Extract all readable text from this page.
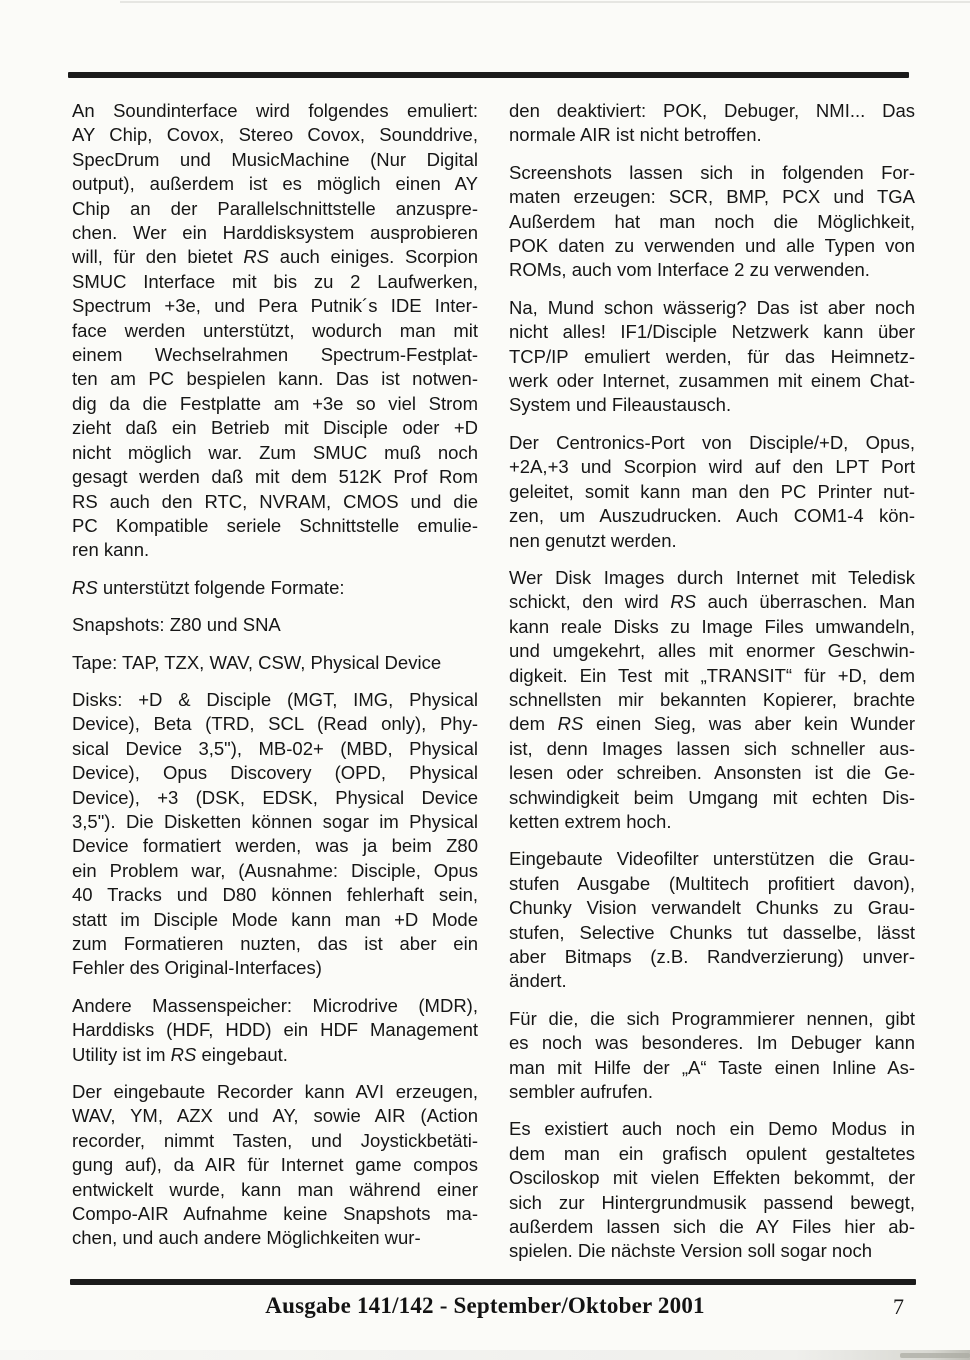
An Soundinterface wird folgendes emuliert:
AY Chip, Covox, Stereo Covox, Sounddrive,
SpecDrum und MusicMachine (Nur Digital
output), außerdem ist es möglich einen AY
Chip an der Parallelschnittstelle anzuspre-
chen. Wer ein Harddisksystem ausprobieren
will, für den bietet RS auch einiges. Scorpion
SMUC Interface mit bis zu 2 Laufwerken,
Spectrum +3e, und Pera Putnik´s IDE Inter-
face werden unterstützt, wodurch man mit
einem Wechselrahmen Spectrum-Festplat-
ten am PC bespielen kann. Das ist notwen-
dig da die Festplatte am +3e so viel Strom
zieht daß ein Betrieb mit Disciple oder +D
nicht möglich war. Zum SMUC muß noch
gesagt werden daß mit dem 512K Prof Rom
RS auch den RTC, NVRAM, CMOS und die
PC Kompatible seriele Schnittstelle emulie-
ren kann.

RS unterstützt folgende Formate:

Snapshots: Z80 und SNA

Tape: TAP, TZX, WAV, CSW, Physical Device

Disks: +D & Disciple (MGT, IMG, Physical
Device), Beta (TRD, SCL (Read only), Phy-
sical Device 3,5"), MB-02+ (MBD, Physical
Device), Opus Discovery (OPD, Physical
Device), +3 (DSK, EDSK, Physical Device
3,5"). Die Disketten können sogar im Physical
Device formatiert werden, was ja beim Z80
ein Problem war, (Ausnahme: Disciple, Opus
40 Tracks und D80 können fehlerhaft sein,
statt im Disciple Mode kann man +D Mode
zum Formatieren nuzten, das ist aber ein
Fehler des Original-Interfaces)

Andere Massenspeicher: Microdrive (MDR),
Harddisks (HDF, HDD) ein HDF Management
Utility ist im RS eingebaut.

Der eingebaute Recorder kann AVI erzeugen,
WAV, YM, AZX und AY, sowie AIR (Action
recorder, nimmt Tasten, und Joystickbetäti-
gung auf), da AIR für Internet game compos
entwickelt wurde, kann man während einer
Compo-AIR Aufnahme keine Snapshots ma-
chen, und auch andere Möglichkeiten wur-

den deaktiviert: POK, Debuger, NMI... Das
normale AIR ist nicht betroffen.

Screenshots lassen sich in folgenden For-
maten erzeugen: SCR, BMP, PCX und TGA
Außerdem hat man noch die Möglichkeit,
POK daten zu verwenden und alle Typen von
ROMs, auch vom Interface 2 zu verwenden.

Na, Mund schon wässerig? Das ist aber noch
nicht alles! IF1/Disciple Netzwerk kann über
TCP/IP emuliert werden, für das Heimnetz-
werk oder Internet, zusammen mit einem Chat-
System und Fileaustausch.

Der Centronics-Port von Disciple/+D, Opus,
+2A,+3 und Scorpion wird auf den LPT Port
geleitet, somit kann man den PC Printer nut-
zen, um Auszudrucken. Auch COM1-4 kön-
nen genutzt werden.

Wer Disk Images durch Internet mit Teledisk
schickt, den wird RS auch überraschen. Man
kann reale Disks zu Image Files umwandeln,
und umgekehrt, alles mit enormer Geschwin-
digkeit. Ein Test mit „TRANSIT“ für +D, dem
schnellsten mir bekannten Kopierer, brachte
dem RS einen Sieg, was aber kein Wunder
ist, denn Images lassen sich schneller aus-
lesen oder schreiben. Ansonsten ist die Ge-
schwindigkeit beim Umgang mit echten Dis-
ketten extrem hoch.

Eingebaute Videofilter unterstützen die Grau-
stufen Ausgabe (Multitech profitiert davon),
Chunky Vision verwandelt Chunks zu Grau-
stufen, Selective Chunks tut dasselbe, lässt
aber Bitmaps (z.B. Randverzierung) unver-
ändert.

Für die, die sich Programmierer nennen, gibt
es noch was besonderes. Im Debuger kann
man mit Hilfe der „A“ Taste einen Inline As-
sembler aufrufen.

Es existiert auch noch ein Demo Modus in
dem man ein grafisch opulent gestaltetes
Osciloskop mit vielen Effekten bekommt, der
sich zur Hintergrundmusik passend bewegt,
außerdem lassen sich die AY Files hier ab-
spielen. Die nächste Version soll sogar noch

Ausgabe 141/142 - September/Oktober 2001	7
